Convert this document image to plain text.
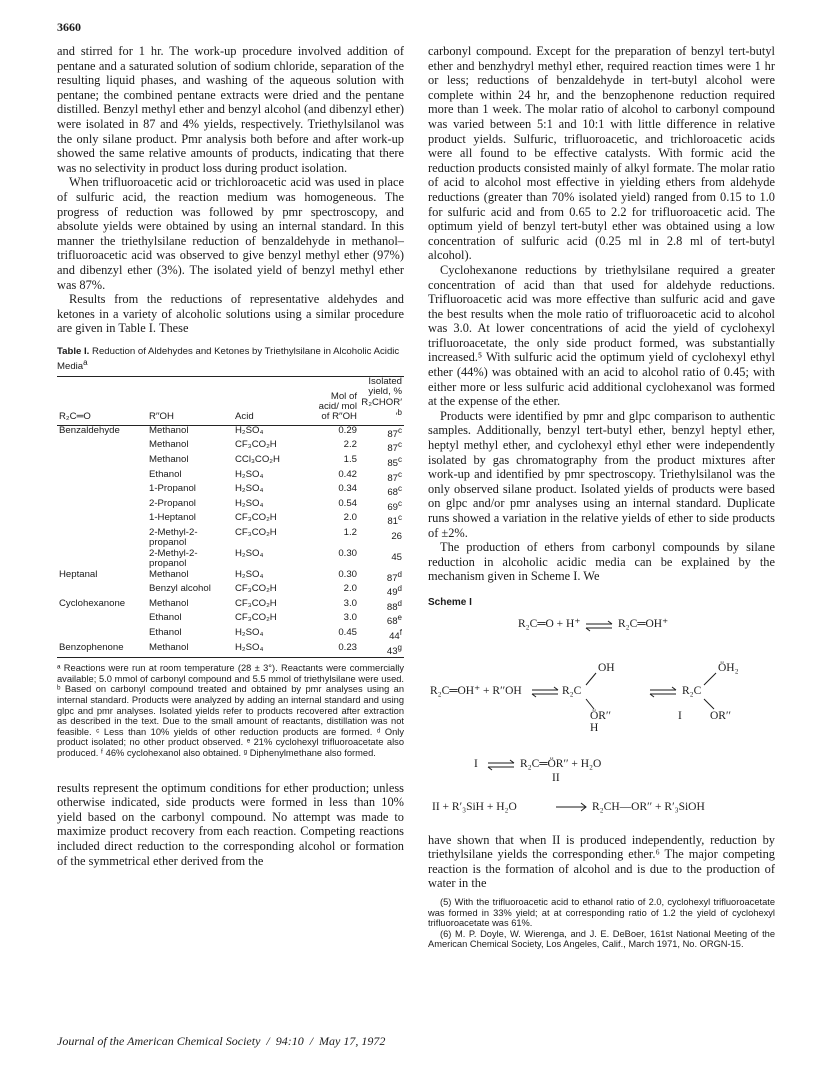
3660

and stirred for 1 hr. The work-up procedure involved addition of pentane and a saturated solution of sodium chloride, separation of the resulting liquid phases, and washing of the aqueous solution with pentane; the combined pentane extracts were dried and the pentane distilled. Benzyl methyl ether and benzyl alcohol (and dibenzyl ether) were isolated in 87 and 4% yields, respectively. Triethylsilanol was the only silane product. Pmr analysis both before and after work-up showed the same relative amounts of products, indicating that there was no selectivity in product loss during product isolation.

When trifluoroacetic acid or trichloroacetic acid was used in place of sulfuric acid, the reaction medium was homogeneous. The progress of reduction was followed by pmr spectroscopy, and absolute yields were obtained by using an internal standard. In this manner the triethylsilane reduction of benzaldehyde in methanol–trifluoroacetic acid was observed to give benzyl methyl ether (97%) and dibenzyl ether (3%). The isolated yield of benzyl methyl ether was 87%.

Results from the reductions of representative aldehydes and ketones in a variety of alcoholic solutions using a similar procedure are given in Table I. These

Table I. Reduction of Aldehydes and Ketones by Triethylsilane in Alcoholic Acidic Media$^a$

R₂C═O	R′′OH	Acid	Mol of acid/ mol of R′′OH	Isolated yield, % $R_2CHOR''^b$
Benzaldehyde	Methanol	H₂SO₄	0.29	87$^c$
	Methanol	CF₃CO₂H	2.2	87$^c$
	Methanol	CCl₃CO₂H	1.5	85$^c$
	Ethanol	H₂SO₄	0.42	87$^c$
	1-Propanol	H₂SO₄	0.34	68$^c$
	2-Propanol	H₂SO₄	0.54	69$^c$
	1-Heptanol	CF₃CO₂H	2.0	81$^c$
	2-Methyl-2-propanol	CF₃CO₂H	1.2	26
	2-Methyl-2-propanol	H₂SO₄	0.30	45
Heptanal	Methanol	H₂SO₄	0.30	87$^d$
	Benzyl alcohol	CF₃CO₂H	2.0	49$^d$
Cyclohexanone	Methanol	CF₃CO₂H	3.0	88$^d$
	Ethanol	CF₃CO₂H	3.0	68e
	Ethanol	H₂SO₄	0.45	44$^f$
Benzophenone	Methanol	H₂SO₄	0.23	43$^g$
ᵃ Reactions were run at room temperature (28 ± 3°). Reactants were commercially available; 5.0 mmol of carbonyl compound and 5.5 mmol of triethylsilane were used. ᵇ Based on carbonyl compound treated and obtained by pmr analyses using an internal standard. Products were analyzed by adding an internal standard and using glpc and pmr analyses. Isolated yields refer to products recovered after extraction as described in the text. Due to the small amount of reactants, distillation was not feasible. ᶜ Less than 10% yields of other reduction products are formed. ᵈ Only product isolated; no other product observed. ᵉ 21% cyclohexyl trifluoroacetate also produced. ᶠ 46% cyclohexanol also obtained. ᵍ Diphenylmethane also formed.

results represent the optimum conditions for ether production; unless otherwise indicated, side products were formed in less than 10% yield based on the carbonyl compound. No attempt was made to maximize product recovery from each reaction. Competing reactions included direct reduction to the corresponding alcohol or formation of the symmetrical ether derived from the

carbonyl compound. Except for the preparation of benzyl tert-butyl ether and benzhydryl methyl ether, required reaction times were 1 hr or less; reductions of benzaldehyde in tert-butyl alcohol were complete within 24 hr, and the benzophenone reduction required more than 1 week. The molar ratio of alcohol to carbonyl compound was varied between 5:1 and 10:1 with little difference in relative product yields. Sulfuric, trifluoroacetic, and trichloroacetic acids were all found to be effective catalysts. With formic acid the reduction products consisted mainly of alkyl formate. The molar ratio of acid to alcohol most effective in yielding ethers from aldehyde reductions (greater than 70% isolated yield) ranged from 0.15 to 1.0 for sulfuric acid and from 0.65 to 2.2 for trifluoroacetic acid. The optimum yield of benzyl tert-butyl ether was obtained using a low concentration of sulfuric acid (0.25 ml in 2.8 ml of tert-butyl alcohol).

Cyclohexanone reductions by triethylsilane required a greater concentration of acid than that used for aldehyde reductions. Trifluoroacetic acid was more effective than sulfuric acid and gave the best results when the mole ratio of trifluoroacetic acid to alcohol was 3.0. At lower concentrations of acid the yield of cyclohexyl trifluoroacetate, the only side product formed, was substantially increased.⁵ With sulfuric acid the optimum yield of cyclohexyl ethyl ether (44%) was obtained with an acid to alcohol ratio of 0.45; with either more or less sulfuric acid additional cyclohexanol was formed at the expense of the ether.

Products were identified by pmr and glpc comparison to authentic samples. Additionally, benzyl tert-butyl ether, benzyl heptyl ether, heptyl methyl ether, and cyclohexyl ethyl ether were independently isolated by gas chromatography from the product mixtures after work-up and identified by pmr spectroscopy. Triethylsilanol was the only observed silane product. Isolated yields of products were based on glpc and/or pmr analyses using an internal standard. Duplicate runs showed a variation in the relative yields of ether to side products of ±2%.

The production of ethers from carbonyl compounds by silane reduction in alcoholic acidic media can be explained by the mechanism given in Scheme I. We

Scheme I
R₂C═O + H⁺	R₂C═OH⁺
R₂C═OH⁺ + R′′OH
OH
R₂C
ÖR′′
H
ÖH₂
R₂C
I OR′′
I	R₂C═ÖR′′ + H₂O
II
II + R′₃SiH + H₂O	R₂CH—OR′′ + R′₃SiOH

have shown that when II is produced independently, reduction by triethylsilane yields the corresponding ether.⁶ The major competing reaction is the formation of alcohol and is due to the production of water in the

(5) With the trifluoroacetic acid to ethanol ratio of 2.0, cyclohexyl trifluoroacetate was formed in 33% yield; at at corresponding ratio of 1.2 the yield of cyclohexyl trifluoroacetate was 61%.

(6) M. P. Doyle, W. Wierenga, and J. E. DeBoer, 161st National Meeting of the American Chemical Society, Los Angeles, Calif., March 1971, No. ORGN-15.

Journal of the American Chemical Society  /  94:10  /  May 17, 1972
